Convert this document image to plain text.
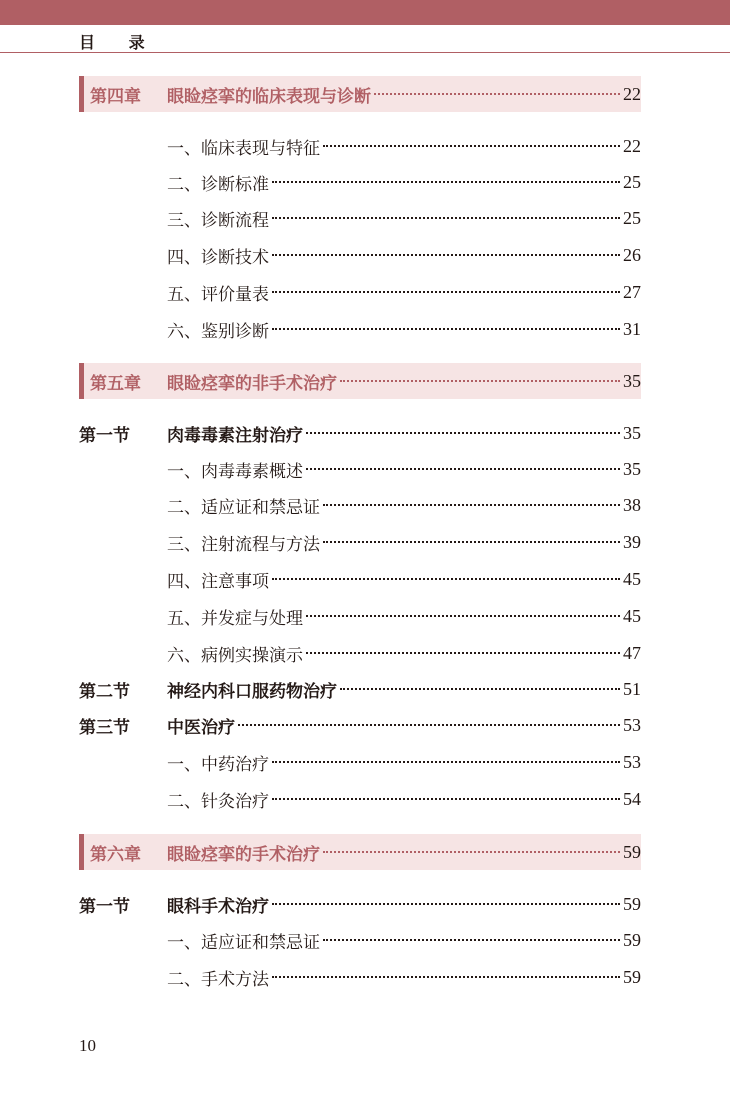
目 录
第四章	眼睑痉挛的临床表现与诊断	22
一、临床表现与特征	22
二、诊断标准	25
三、诊断流程	25
四、诊断技术	26
五、评价量表	27
六、鉴别诊断	31
第五章	眼睑痉挛的非手术治疗	35
第一节	肉毒毒素注射治疗	35
一、肉毒毒素概述	35
二、适应证和禁忌证	38
三、注射流程与方法	39
四、注意事项	45
五、并发症与处理	45
六、病例实操演示	47
第二节	神经内科口服药物治疗	51
第三节	中医治疗	53
一、中药治疗	53
二、针灸治疗	54
第六章	眼睑痉挛的手术治疗	59
第一节	眼科手术治疗	59
一、适应证和禁忌证	59
二、手术方法	59
10
